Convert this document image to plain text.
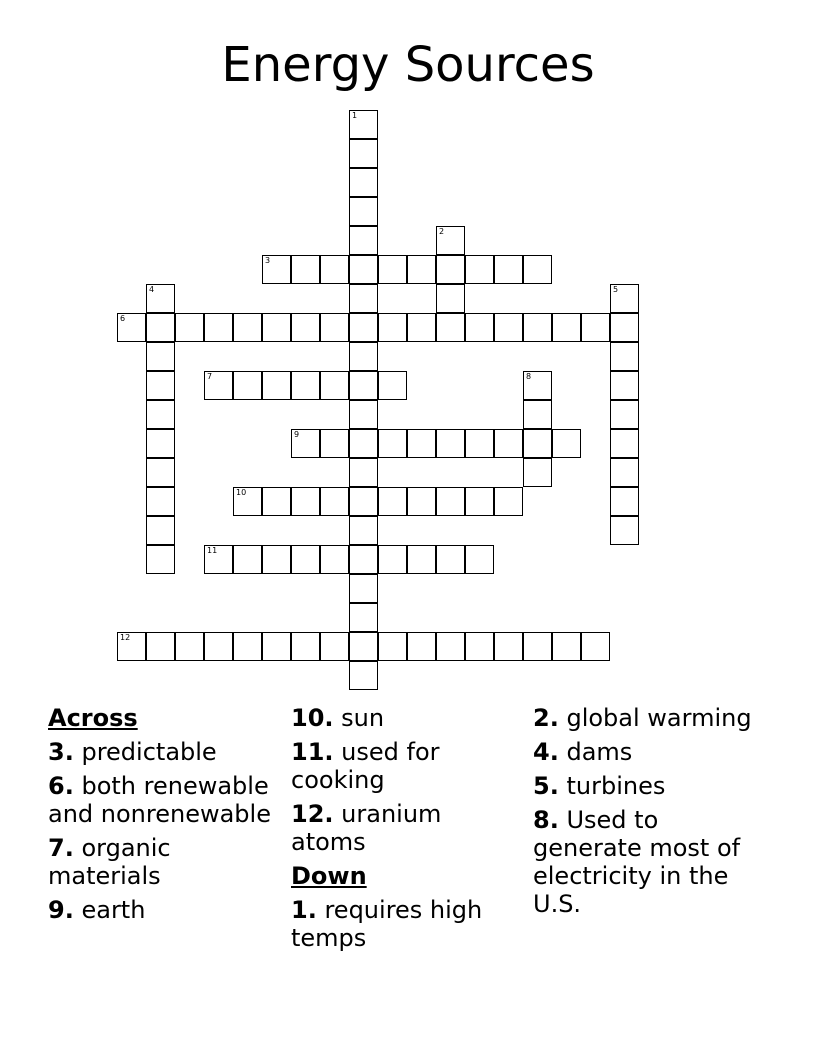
Energy Sources
3
6
7
9
10
11
12
1
2
4	5
8
Across
3. predictable
6. both renewable and nonrenewable
7. organic materials
9. earth
10. sun
11. used for cooking
12. uranium atoms
Down
1. requires high temps
2. global warming
4. dams
5. turbines
8. Used to generate most of electricity in the U.S.
